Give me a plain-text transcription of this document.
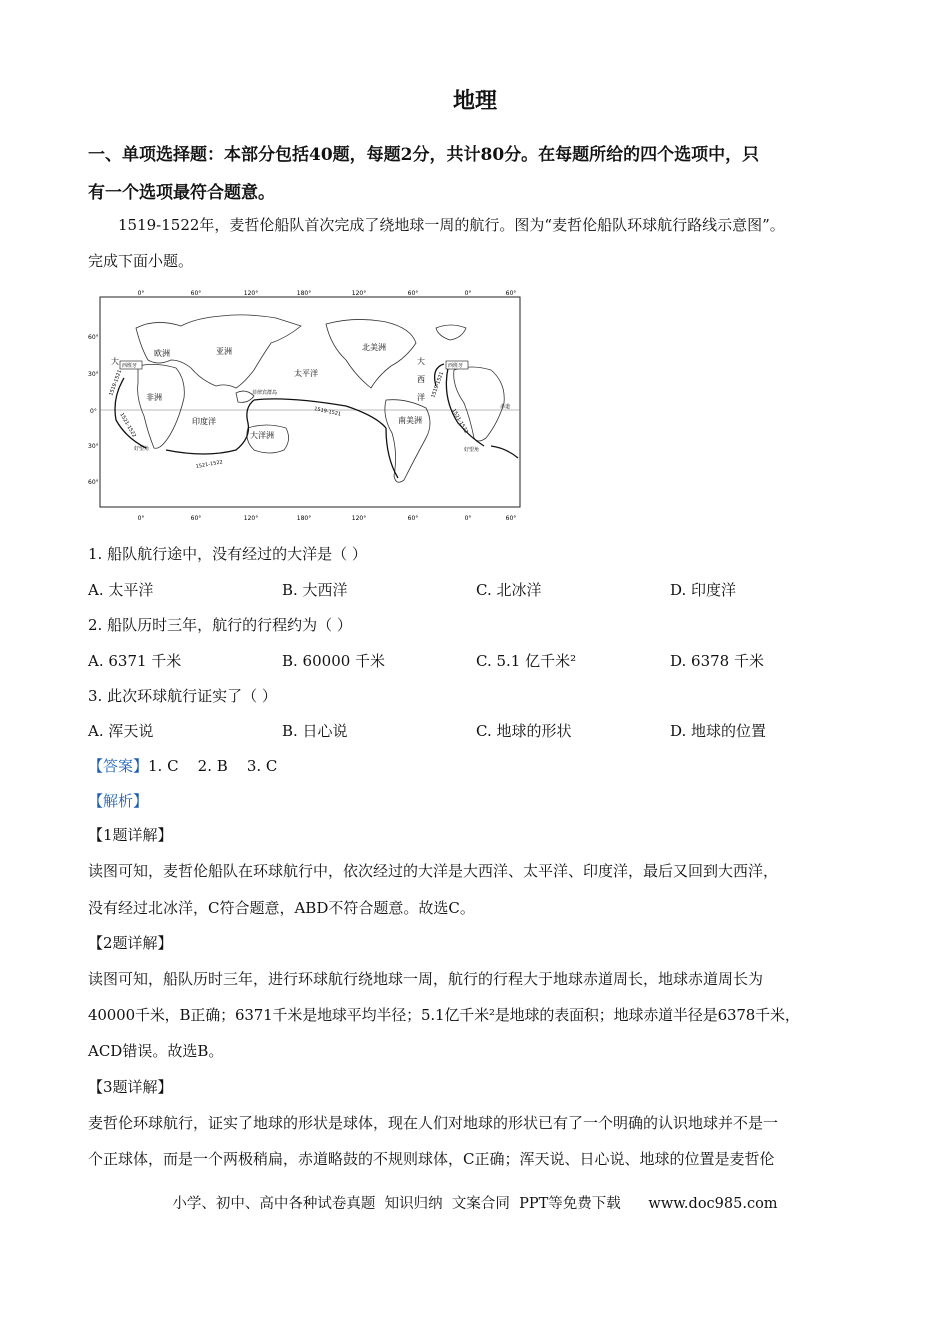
地理
一、单项选择题：本部分包括40题，每题2分，共计80分。在每题所给的四个选项中，只
有一个选项最符合题意。
1519-1522年，麦哲伦船队首次完成了绕地球一周的航行。图为“麦哲伦船队环球航行路线示意图”。
完成下面小题。
0°	60°	120°	180°	120°	60°	0°	60°
0°	60°	120°	180°	120°	60°	0°	60°
60°
30°
0°
30°
60°
欧洲	亚洲	北美洲
非洲
南美洲
大洋洲
太平洋
印度洋
大	大
西
洋
西班牙	西班牙
菲律宾群岛
好望角	好望角
赤道
1519-1521
1521-1522
1521-1522
1519-1521
1519-1521
1521-1522
1. 船队航行途中，没有经过的大洋是（ ）
A. 太平洋	B. 大西洋	C. 北冰洋	D. 印度洋
2. 船队历时三年，航行的行程约为（ ）
A. 6371 千米	B. 60000 千米	C. 5.1 亿千米²	D. 6378 千米
3. 此次环球航行证实了（ ）
A. 浑天说	B. 日心说	C. 地球的形状	D. 地球的位置
【答案】1. C    2. B    3. C
【解析】
【1题详解】
读图可知，麦哲伦船队在环球航行中，依次经过的大洋是大西洋、太平洋、印度洋，最后又回到大西洋，
没有经过北冰洋，C符合题意，ABD不符合题意。故选C。
【2题详解】
读图可知，船队历时三年，进行环球航行绕地球一周，航行的行程大于地球赤道周长，地球赤道周长为
40000千米，B正确；6371千米是地球平均半径；5.1亿千米²是地球的表面积；地球赤道半径是6378千米，
ACD错误。故选B。
【3题详解】
麦哲伦环球航行，证实了地球的形状是球体，现在人们对地球的形状已有了一个明确的认识地球并不是一
个正球体，而是一个两极稍扁，赤道略鼓的不规则球体，C正确；浑天说、日心说、地球的位置是麦哲伦
小学、初中、高中各种试卷真题  知识归纳  文案合同  PPT等免费下载      www.doc985.com
